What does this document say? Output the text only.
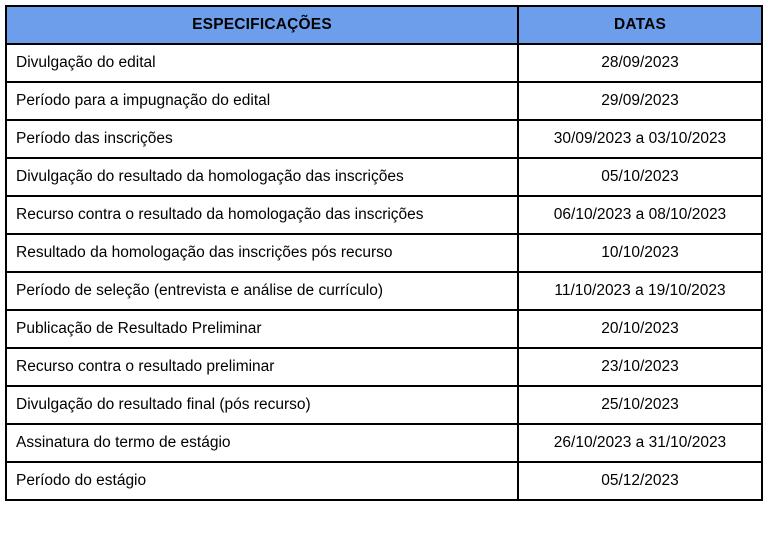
ESPECIFICAÇÕES	DATAS
Divulgação do edital	28/09/2023
Período para a impugnação do edital	29/09/2023
Período das inscrições	30/09/2023 a 03/10/2023
Divulgação do resultado da homologação das inscrições	05/10/2023
Recurso contra o resultado da homologação das inscrições	06/10/2023 a 08/10/2023
Resultado da homologação das inscrições pós recurso	10/10/2023
Período de seleção (entrevista e análise de currículo)	11/10/2023 a 19/10/2023
Publicação de Resultado Preliminar	20/10/2023
Recurso contra o resultado preliminar	23/10/2023
Divulgação do resultado final (pós recurso)	25/10/2023
Assinatura do termo de estágio	26/10/2023 a 31/10/2023
Período do estágio	05/12/2023
